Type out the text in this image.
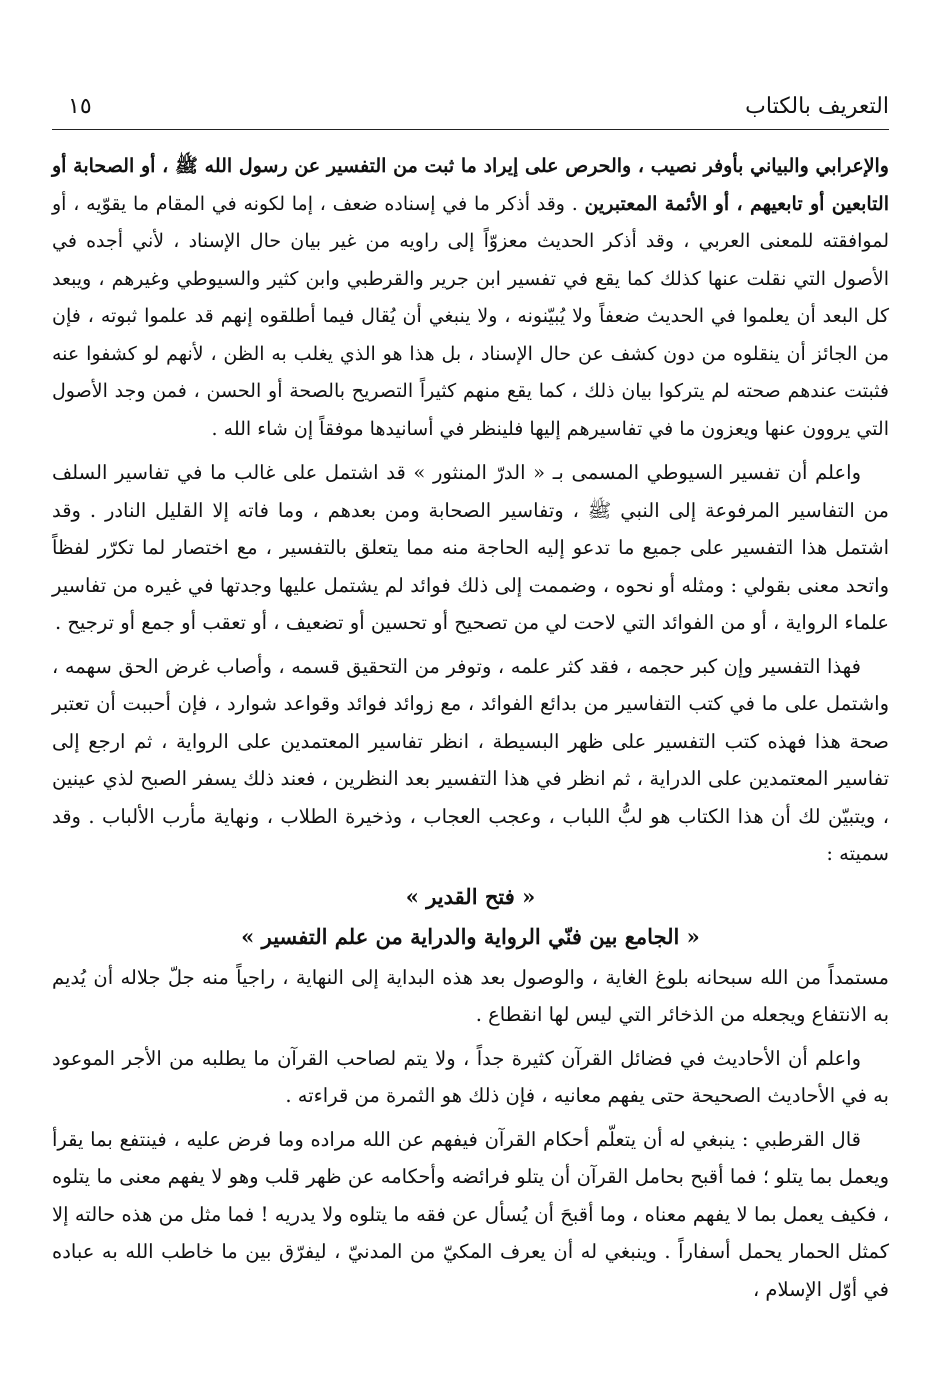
التعريف بالكتاب
١٥

والإعرابي والبياني بأوفر نصيب ، والحرص على إيراد ما ثبت من التفسير عن رسول الله ﷺ ، أو الصحابة أو التابعين أو تابعيهم ، أو الأئمة المعتبرين . وقد أذكر ما في إسناده ضعف ، إما لكونه في المقام ما يقوّيه ، أو لموافقته للمعنى العربي ، وقد أذكر الحديث معزوّاً إلى راويه من غير بيان حال الإسناد ، لأني أجده في الأصول التي نقلت عنها كذلك كما يقع في تفسير ابن جرير والقرطبي وابن كثير والسيوطي وغيرهم ، ويبعد كل البعد أن يعلموا في الحديث ضعفاً ولا يُبيّنونه ، ولا ينبغي أن يُقال فيما أطلقوه إنهم قد علموا ثبوته ، فإن من الجائز أن ينقلوه من دون كشف عن حال الإسناد ، بل هذا هو الذي يغلب به الظن ، لأنهم لو كشفوا عنه فثبتت عندهم صحته لم يتركوا بيان ذلك ، كما يقع منهم كثيراً التصريح بالصحة أو الحسن ، فمن وجد الأصول التي يروون عنها ويعزون ما في تفاسيرهم إليها فلينظر في أسانيدها موفقاً إن شاء الله .

واعلم أن تفسير السيوطي المسمى بـ « الدرّ المنثور » قد اشتمل على غالب ما في تفاسير السلف من التفاسير المرفوعة إلى النبي ﷺ ، وتفاسير الصحابة ومن بعدهم ، وما فاته إلا القليل النادر . وقد اشتمل هذا التفسير على جميع ما تدعو إليه الحاجة منه مما يتعلق بالتفسير ، مع اختصار لما تكرّر لفظاً واتحد معنى بقولي : ومثله أو نحوه ، وضممت إلى ذلك فوائد لم يشتمل عليها وجدتها في غيره من تفاسير علماء الرواية ، أو من الفوائد التي لاحت لي من تصحيح أو تحسين أو تضعيف ، أو تعقب أو جمع أو ترجيح .

فهذا التفسير وإن كبر حجمه ، فقد كثر علمه ، وتوفر من التحقيق قسمه ، وأصاب غرض الحق سهمه ، واشتمل على ما في كتب التفاسير من بدائع الفوائد ، مع زوائد فوائد وقواعد شوارد ، فإن أحببت أن تعتبر صحة هذا فهذه كتب التفسير على ظهر البسيطة ، انظر تفاسير المعتمدين على الرواية ، ثم ارجع إلى تفاسير المعتمدين على الدراية ، ثم انظر في هذا التفسير بعد النظرين ، فعند ذلك يسفر الصبح لذي عينين ، ويتبيّن لك أن هذا الكتاب هو لبُّ اللباب ، وعجب العجاب ، وذخيرة الطلاب ، ونهاية مأرب الألباب . وقد سميته :

« فتح القدير »
« الجامع بين فنّي الرواية والدراية من علم التفسير »

مستمداً من الله سبحانه بلوغ الغاية ، والوصول بعد هذه البداية إلى النهاية ، راجياً منه جلّ جلاله أن يُديم به الانتفاع ويجعله من الذخائر التي ليس لها انقطاع .

واعلم أن الأحاديث في فضائل القرآن كثيرة جداً ، ولا يتم لصاحب القرآن ما يطلبه من الأجر الموعود به في الأحاديث الصحيحة حتى يفهم معانيه ، فإن ذلك هو الثمرة من قراءته .

قال القرطبي : ينبغي له أن يتعلّم أحكام القرآن فيفهم عن الله مراده وما فرض عليه ، فينتفع بما يقرأ ويعمل بما يتلو ؛ فما أقبح بحامل القرآن أن يتلو فرائضه وأحكامه عن ظهر قلب وهو لا يفهم معنى ما يتلوه ، فكيف يعمل بما لا يفهم معناه ، وما أقبحَ أن يُسأل عن فقه ما يتلوه ولا يدريه ! فما مثل من هذه حالته إلا كمثل الحمار يحمل أسفاراً . وينبغي له أن يعرف المكيّ من المدنيّ ، ليفرّق بين ما خاطب الله به عباده في أوّل الإسلام ،
